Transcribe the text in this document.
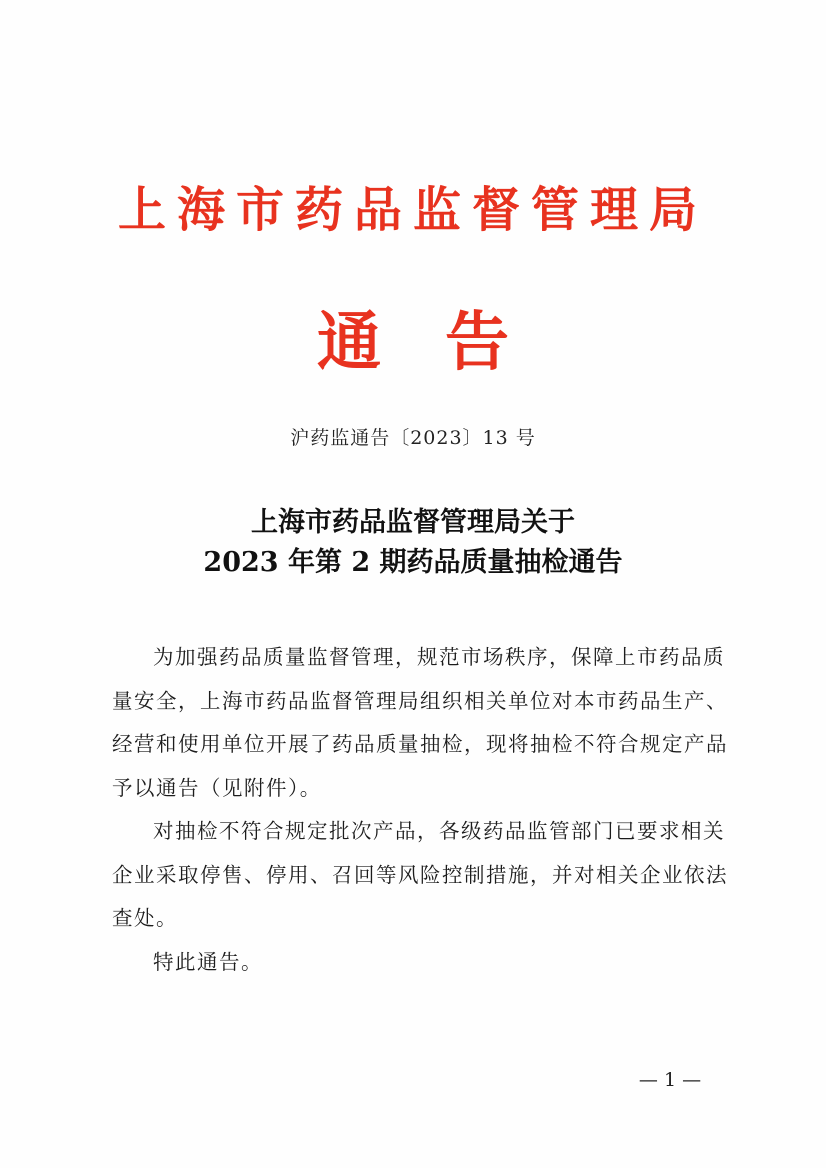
上海市药品监督管理局
通 告
沪药监通告〔2023〕13 号
上海市药品监督管理局关于
2023 年第 2 期药品质量抽检通告

为加强药品质量监督管理，规范市场秩序，保障上市药品质量安全，上海市药品监督管理局组织相关单位对本市药品生产、经营和使用单位开展了药品质量抽检，现将抽检不符合规定产品予以通告（见附件）。

对抽检不符合规定批次产品，各级药品监管部门已要求相关企业采取停售、停用、召回等风险控制措施，并对相关企业依法查处。

特此通告。

— 1 —
